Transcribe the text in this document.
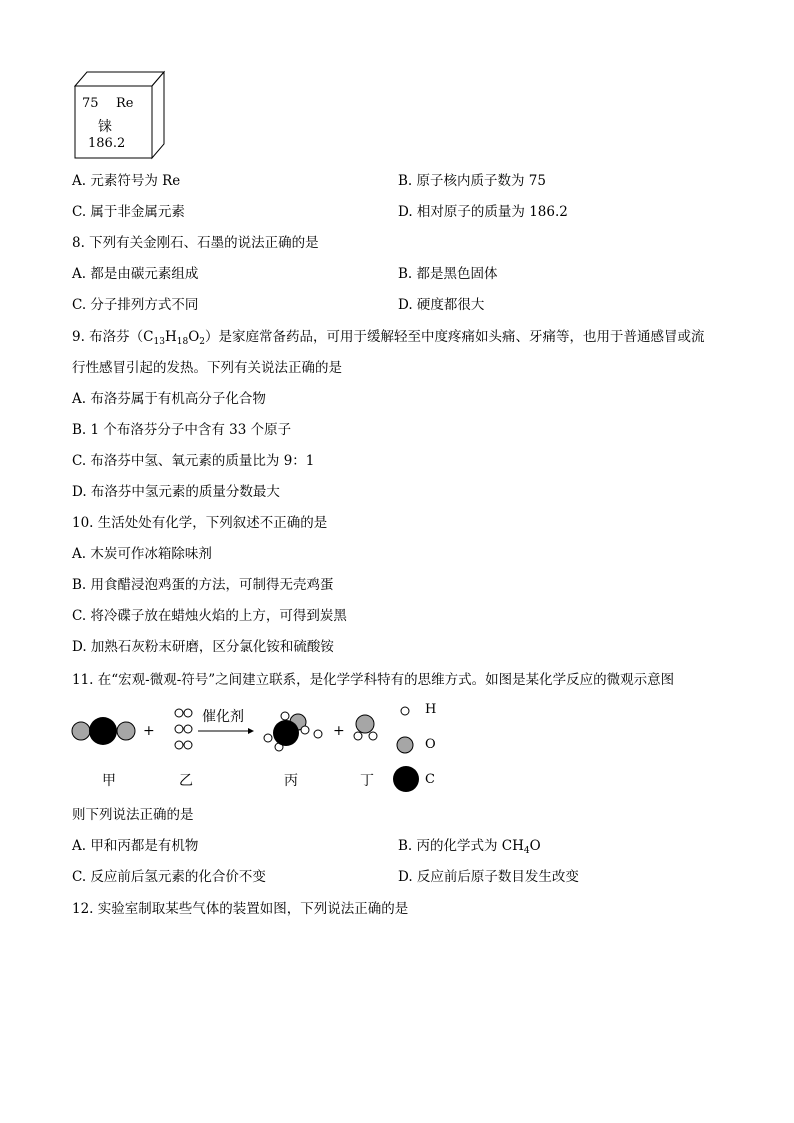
75 Re
铼
186.2
A. 元素符号为 Re	B. 原子核内质子数为 75
C. 属于非金属元素	D. 相对原子的质量为 186.2
8. 下列有关金刚石、石墨的说法正确的是
A. 都是由碳元素组成	B. 都是黑色固体
C. 分子排列方式不同	D. 硬度都很大
9. 布洛芬$(C_{13}H_{18}O_2)$是家庭常备药品，可用于缓解轻至中度疼痛如头痛、牙痛等，也用于普通感冒或流
行性感冒引起的发热。下列有关说法正确的是
A. 布洛芬属于有机高分子化合物
B. 1 个布洛芬分子中含有 33 个原子
C. 布洛芬中氢、氧元素的质量比为 9：1
D. 布洛芬中氢元素的质量分数最大
10. 生活处处有化学，下列叙述不正确的是
A. 木炭可作冰箱除味剂
B. 用食醋浸泡鸡蛋的方法，可制得无壳鸡蛋
C. 将冷碟子放在蜡烛火焰的上方，可得到炭黑
D. 加熟石灰粉末研磨，区分氯化铵和硫酸铵
11. 在“宏观-微观-符号”之间建立联系，是化学学科特有的思维方式。如图是某化学反应的微观示意图
+	+
催化剂	H
O
C
甲	乙	丙	丁
则下列说法正确的是
A. 甲和丙都是有机物	B. 丙的化学式为 $CH_4O$
C. 反应前后氢元素的化合价不变	D. 反应前后原子数目发生改变
12. 实验室制取某些气体的装置如图，下列说法正确的是
